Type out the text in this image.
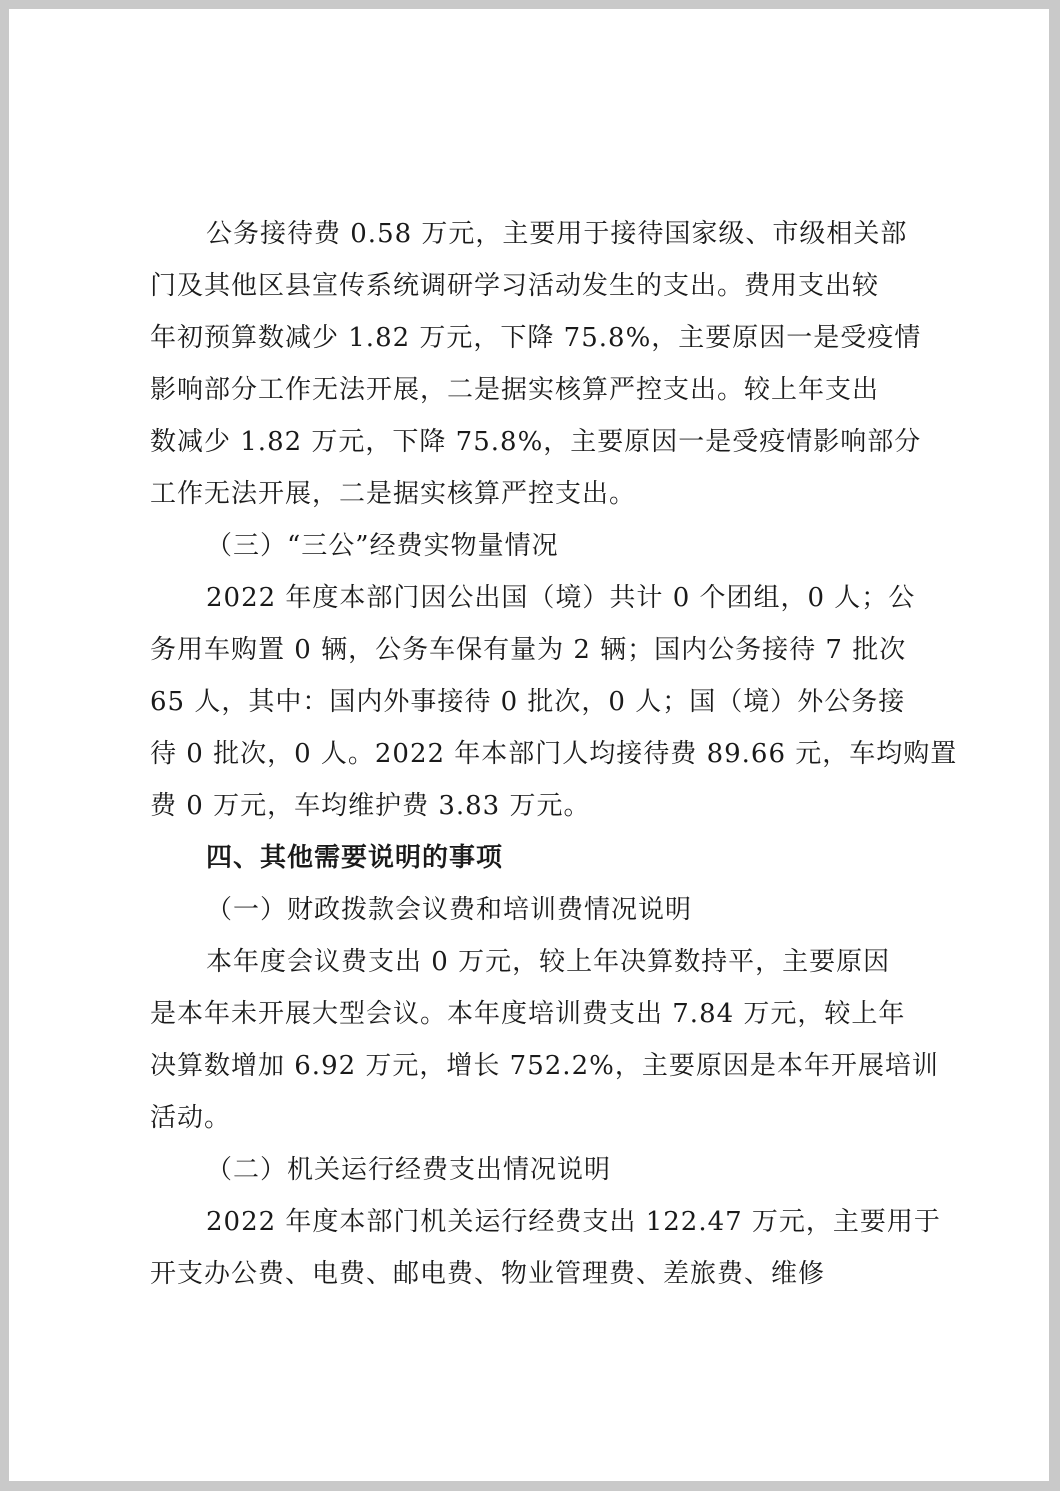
公务接待费 0.58 万元，主要用于接待国家级、市级相关部
门及其他区县宣传系统调研学习活动发生的支出。费用支出较
年初预算数减少 1.82 万元，下降 75.8%，主要原因一是受疫情
影响部分工作无法开展，二是据实核算严控支出。较上年支出
数减少 1.82 万元，下降 75.8%，主要原因一是受疫情影响部分
工作无法开展，二是据实核算严控支出。
（三）“三公”经费实物量情况
2022 年度本部门因公出国（境）共计 0 个团组，0 人；公
务用车购置 0 辆，公务车保有量为 2 辆；国内公务接待 7 批次
65 人，其中：国内外事接待 0 批次，0 人；国（境）外公务接
待 0 批次，0 人。2022 年本部门人均接待费 89.66 元，车均购置
费 0 万元，车均维护费 3.83 万元。
四、其他需要说明的事项
（一）财政拨款会议费和培训费情况说明
本年度会议费支出 0 万元，较上年决算数持平，主要原因
是本年未开展大型会议。本年度培训费支出 7.84 万元，较上年
决算数增加 6.92 万元，增长 752.2%，主要原因是本年开展培训
活动。
（二）机关运行经费支出情况说明
2022 年度本部门机关运行经费支出 122.47 万元，主要用于
开支办公费、电费、邮电费、物业管理费、差旅费、维修
